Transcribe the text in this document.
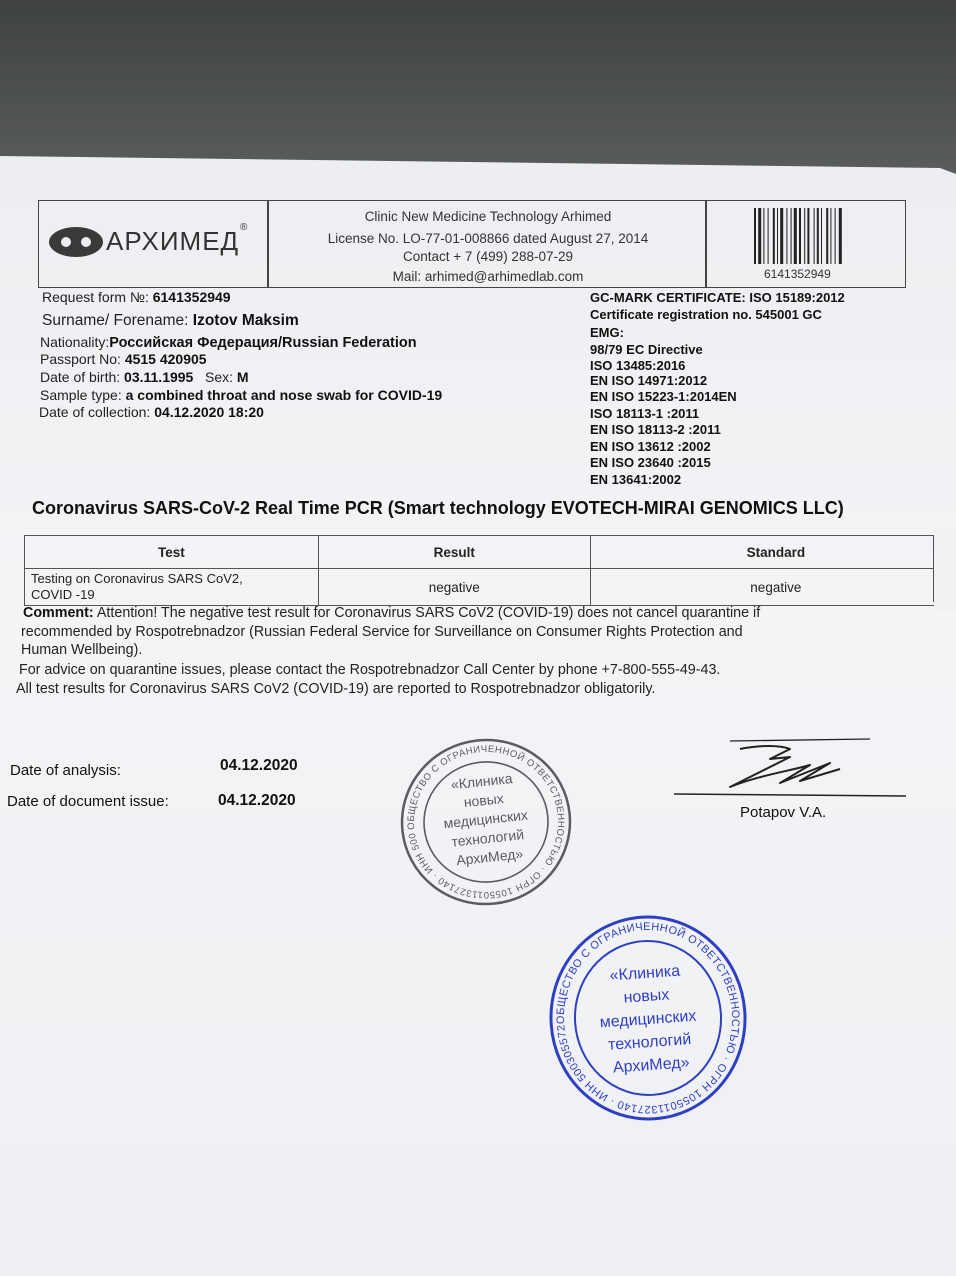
АРХИМЕД ®
Clinic New Medicine Technology Arhimed
License No. LO-77-01-008866 dated August 27, 2014
Contact + 7 (499) 288-07-29
Mail: arhimed@arhimedlab.com	6141352949
Request form №: 6141352949
Surname/ Forename: Izotov Maksim
Nationality:Российская Федерация/Russian Federation
Passport No: 4515 420905
Date of birth: 03.11.1995 Sex: M
Sample type: a combined throat and nose swab for COVID-19
Date of collection: 04.12.2020 18:20
GC-MARK CERTIFICATE: ISO 15189:2012
Certificate registration no. 545001 GC
EMG:
98/79 EC Directive
ISO 13485:2016
EN ISO 14971:2012
EN ISO 15223-1:2014EN
ISO 18113-1 :2011
EN ISO 18113-2 :2011
EN ISO 13612 :2002
EN ISO 23640 :2015
EN 13641:2002
Coronavirus SARS-CoV-2 Real Time PCR (Smart technology EVOTECH-MIRAI GENOMICS LLC)
Test	Result	Standard

Testing on Coronavirus SARS CoV2,
COVID -19	negative	negative
Comment: Attention! The negative test result for Coronavirus SARS CoV2 (COVID-19) does not cancel quarantine if
recommended by Rospotrebnadzor (Russian Federal Service for Surveillance on Consumer Rights Protection and
Human Wellbeing).
For advice on quarantine issues, please contact the Rospotrebnadzor Call Center by phone +7-800-555-49-43.
All test results for Coronavirus SARS CoV2 (COVID-19) are reported to Rospotrebnadzor obligatorily.
Date of analysis:	04.12.2020
Date of document issue:	04.12.2020
Potapov V.A.
ОБЩЕСТВО С ОГРАНИЧЕННОЙ ОТВЕТСТВЕННОСТЬЮ · ОГРН 1055011327140 · ИНН 5003055720
«Клиника
новых
медицинских
технологий
АрхиМед»
ОБЩЕСТВО С ОГРАНИЧЕННОЙ ОТВЕТСТВЕННОСТЬЮ · ОГРН 1055011327140 · ИНН 5003055720
«Клиника
новых
медицинских
технологий
АрхиМед»
